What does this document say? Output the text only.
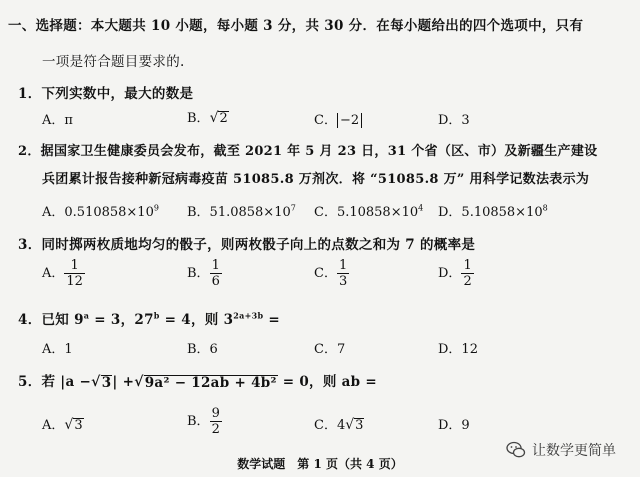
一、选择题：本大题共 10 小题，每小题 3 分，共 30 分．在每小题给出的四个选项中，只有
一项是符合题目要求的.
1．下列实数中，最大的数是
A．π	B． √ 2	C． −2	D．3
2．据国家卫生健康委员会发布，截至 2021 年 5 月 23 日，31 个省（区、市）及新疆生产建设
兵团累计报告接种新冠病毒疫苗 51085.8 万剂次．将 “51085.8 万” 用科学记数法表示为
A．$0.510858\times 10^9$ B．$51.0858\times 10^7$ C．$5.10858\times 10^4$ D．$5.10858\times 10^8$
3．同时掷两枚质地均匀的骰子，则两枚骰子向上的点数之和为 7 的概率是
A． $\frac{1}{12}$	B． $\frac{1}{6}$	C． $\frac{1}{3}$	D． $\frac{1}{2}$
4．已知 $9^a = 3$，$27^b = 4$，则 $3^{2a+3b}$ =
A．1	B．6	C．7	D．12
5．若 |a − √ 3 | + √ 9a² − 12ab + 4b² = 0，则 ab =
A． √ 3	B． $\frac{9}{2}$	C．4 √ 3	D．9
让数学更简单
数学试题　第 1 页（共 4 页）
